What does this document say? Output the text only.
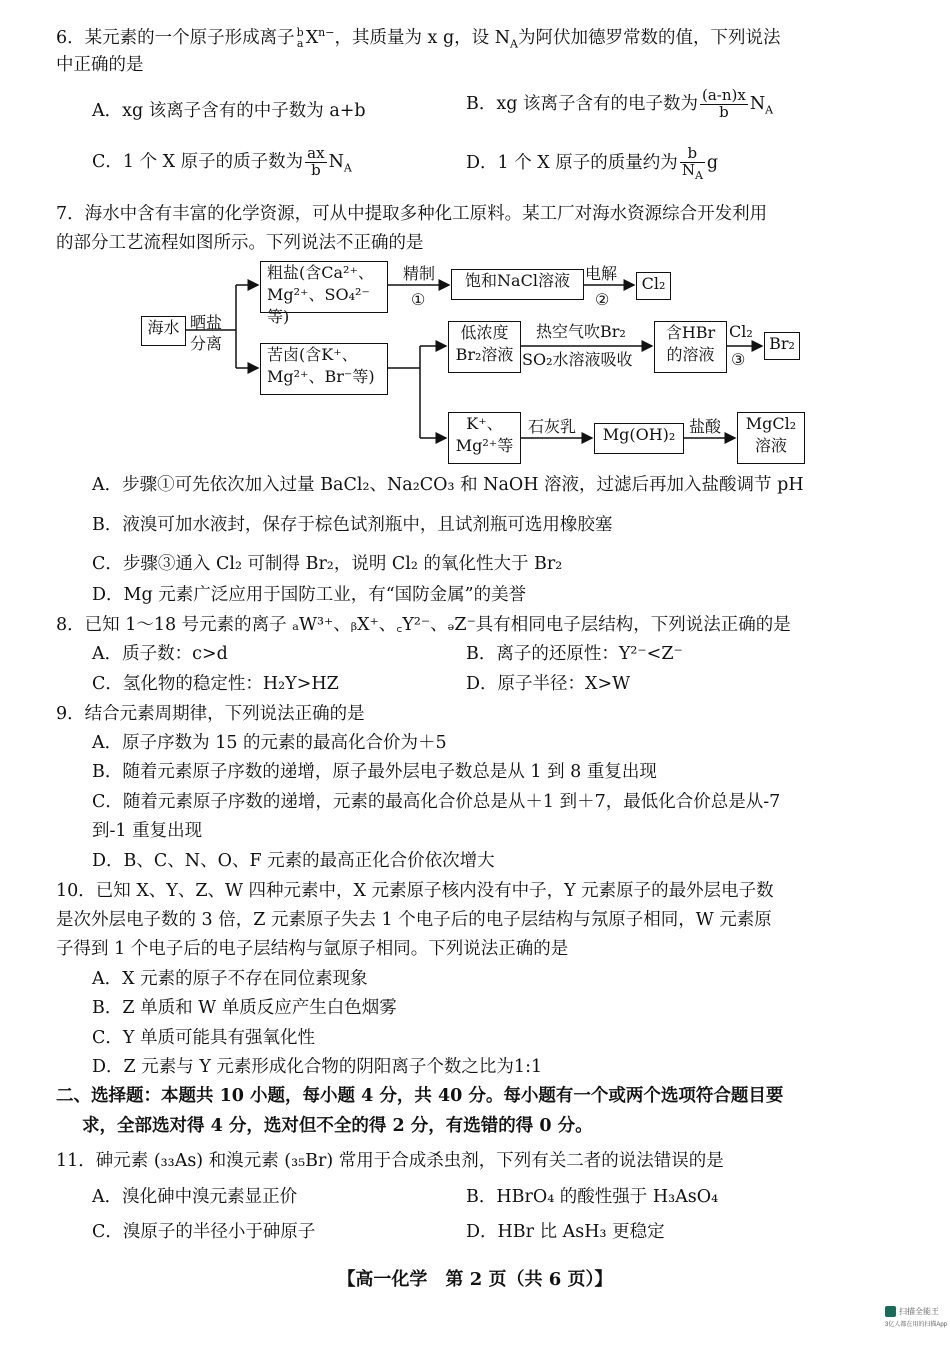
6．某元素的一个原子形成离子 b
a $X^{n-}$，其质量为 x g，设 $N_A$为阿伏加德罗常数的值，下列说法
中正确的是
A．xg 该离子含有的中子数为 a+b	B．xg 该离子含有的电子数为 $\frac{(a-n)x}{b} N_A$
C．1 个 X 原子的质子数为 $\frac{ax}{b} N_A$	D．1 个 X 原子的质量约为 $\frac{b}{N_A}$ g
7．海水中含有丰富的化学资源，可从中提取多种化工原料。某工厂对海水资源综合开发利用
的部分工艺流程如图所示。下列说法不正确的是
海水 晒盐
分离
粗盐(含Ca²⁺、
Mg²⁺、SO₄²⁻等)
精制
①
饱和NaCl溶液 电解
②
Cl₂
苦卤(含K⁺、
Mg²⁺、Br⁻等)
低浓度
Br₂溶液
热空气吹Br₂
SO₂水溶液吸收
含HBr
的溶液
Cl₂
③
Br₂
K⁺、
Mg²⁺等
石灰乳	Mg(OH)₂ 盐酸	MgCl₂
溶液
A．步骤①可先依次加入过量 BaCl₂、Na₂CO₃ 和 NaOH 溶液，过滤后再加入盐酸调节 pH
B．液溴可加水液封，保存于棕色试剂瓶中，且试剂瓶可选用橡胶塞
C．步骤③通入 Cl₂ 可制得 Br₂，说明 Cl₂ 的氧化性大于 Br₂
D．Mg 元素广泛应用于国防工业，有“国防金属”的美誉
8．已知 1～18 号元素的离子 ₐW³⁺、ᵦX⁺、꜀Y²⁻、ₔZ⁻具有相同电子层结构，下列说法正确的是
A．质子数：c>d	B．离子的还原性：Y²⁻<Z⁻
C．氢化物的稳定性：H₂Y>HZ	D．原子半径：X>W
9．结合元素周期律，下列说法正确的是
A．原子序数为 15 的元素的最高化合价为＋5
B．随着元素原子序数的递增，原子最外层电子数总是从 1 到 8 重复出现
C．随着元素原子序数的递增，元素的最高化合价总是从＋1 到＋7，最低化合价总是从-7
到-1 重复出现
D．B、C、N、O、F 元素的最高正化合价依次增大
10．已知 X、Y、Z、W 四种元素中，X 元素原子核内没有中子，Y 元素原子的最外层电子数
是次外层电子数的 3 倍，Z 元素原子失去 1 个电子后的电子层结构与氖原子相同，W 元素原
子得到 1 个电子后的电子层结构与氩原子相同。下列说法正确的是
A．X 元素的原子不存在同位素现象
B．Z 单质和 W 单质反应产生白色烟雾
C．Y 单质可能具有强氧化性
D．Z 元素与 Y 元素形成化合物的阴阳离子个数之比为1:1
二、选择题：本题共 10 小题，每小题 4 分，共 40 分。每小题有一个或两个选项符合题目要
求，全部选对得 4 分，选对但不全的得 2 分，有选错的得 0 分。
11．砷元素 (₃₃As) 和溴元素 (₃₅Br) 常用于合成杀虫剂，下列有关二者的说法错误的是
A．溴化砷中溴元素显正价	B．HBrO₄ 的酸性强于 H₃AsO₄
C．溴原子的半径小于砷原子	D．HBr 比 AsH₃ 更稳定
【高一化学　第 2 页（共 6 页）】
扫描全能王
3亿人都在用的扫描App
